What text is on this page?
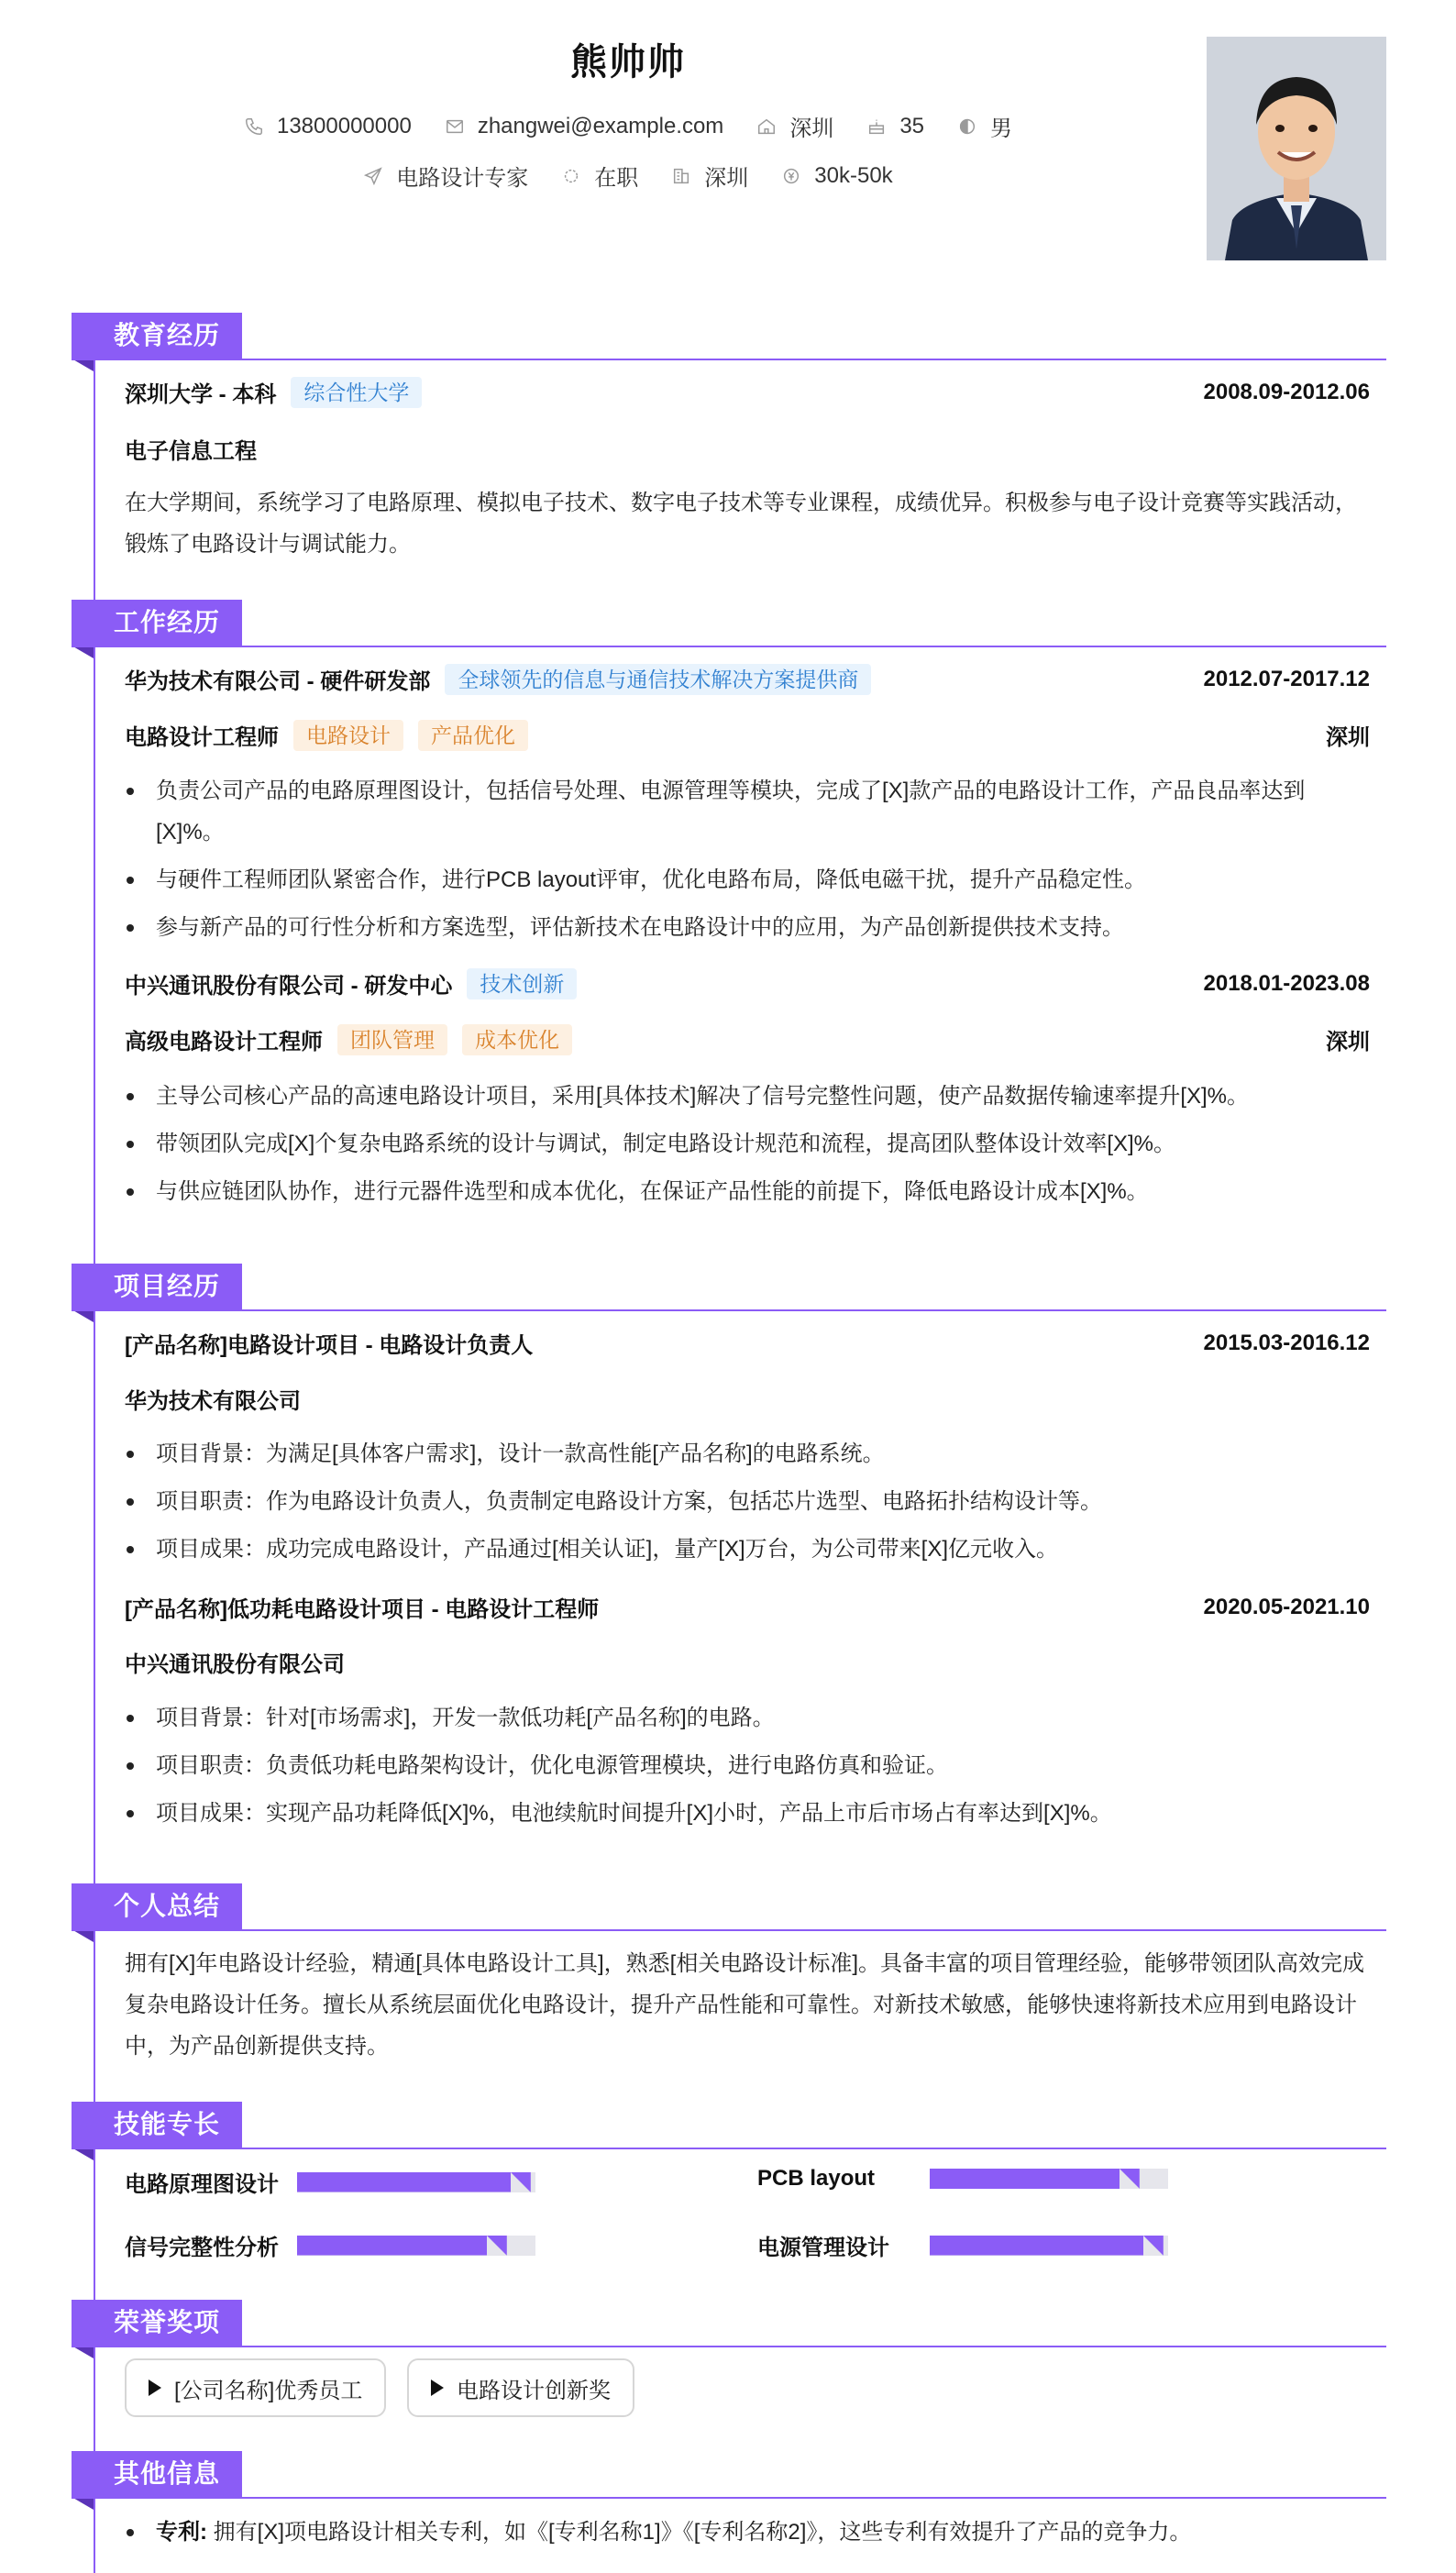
熊帅帅
13800000000	zhangwei@example.com	深圳	35	男
电路设计专家	在职	深圳	30k-50k
教育经历
深圳大学 - 本科	综合性大学	2008.09-2012.06
电子信息工程
在大学期间，系统学习了电路原理、模拟电子技术、数字电子技术等专业课程，成绩优异。积极参与电子设计竞赛等实践活动，锻炼了电路设计与调试能力。
工作经历
华为技术有限公司 - 硬件研发部	全球领先的信息与通信技术解决方案提供商	2012.07-2017.12
电路设计工程师	电路设计	产品优化	深圳
负责公司产品的电路原理图设计，包括信号处理、电源管理等模块，完成了[X]款产品的电路设计工作，产品良品率达到[X]%。
与硬件工程师团队紧密合作，进行PCB layout评审，优化电路布局，降低电磁干扰，提升产品稳定性。
参与新产品的可行性分析和方案选型，评估新技术在电路设计中的应用，为产品创新提供技术支持。
中兴通讯股份有限公司 - 研发中心	技术创新	2018.01-2023.08
高级电路设计工程师	团队管理	成本优化	深圳
主导公司核心产品的高速电路设计项目，采用[具体技术]解决了信号完整性问题，使产品数据传输速率提升[X]%。
带领团队完成[X]个复杂电路系统的设计与调试，制定电路设计规范和流程，提高团队整体设计效率[X]%。
与供应链团队协作，进行元器件选型和成本优化，在保证产品性能的前提下，降低电路设计成本[X]%。
项目经历
[产品名称]电路设计项目 - 电路设计负责人	2015.03-2016.12
华为技术有限公司
项目背景：为满足[具体客户需求]，设计一款高性能[产品名称]的电路系统。
项目职责：作为电路设计负责人，负责制定电路设计方案，包括芯片选型、电路拓扑结构设计等。
项目成果：成功完成电路设计，产品通过[相关认证]，量产[X]万台，为公司带来[X]亿元收入。
[产品名称]低功耗电路设计项目 - 电路设计工程师	2020.05-2021.10
中兴通讯股份有限公司
项目背景：针对[市场需求]，开发一款低功耗[产品名称]的电路。
项目职责：负责低功耗电路架构设计，优化电源管理模块，进行电路仿真和验证。
项目成果：实现产品功耗降低[X]%，电池续航时间提升[X]小时，产品上市后市场占有率达到[X]%。
个人总结
拥有[X]年电路设计经验，精通[具体电路设计工具]，熟悉[相关电路设计标准]。具备丰富的项目管理经验，能够带领团队高效完成复杂电路设计任务。擅长从系统层面优化电路设计，提升产品性能和可靠性。对新技术敏感，能够快速将新技术应用到电路设计中，为产品创新提供支持。
技能专长
电路原理图设计	PCB layout
信号完整性分析	电源管理设计
荣誉奖项
[公司名称]优秀员工	电路设计创新奖
其他信息
专利: 拥有[X]项电路设计相关专利，如《[专利名称1]》《[专利名称2]》，这些专利有效提升了产品的竞争力。
